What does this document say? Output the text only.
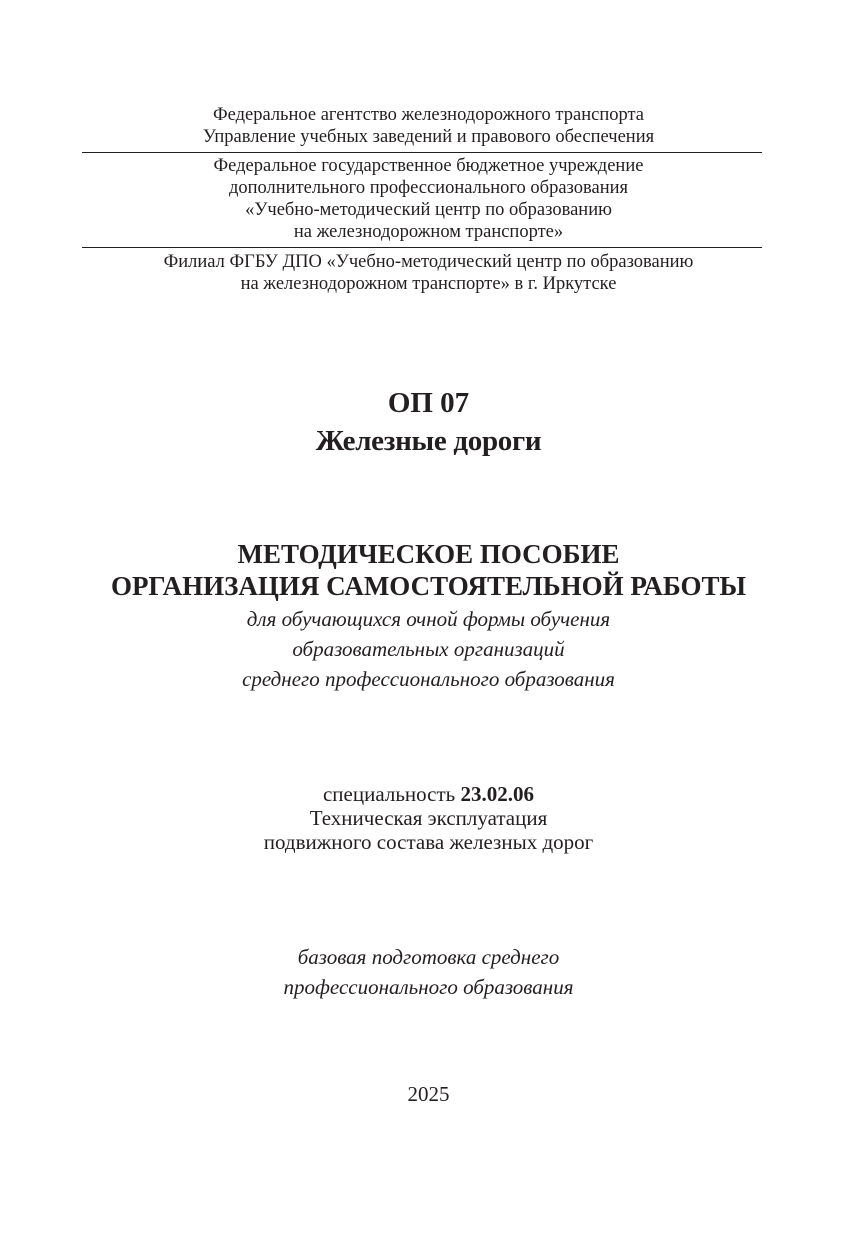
Федеральное агентство железнодорожного транспорта
Управление учебных заведений и правового обеспечения
Федеральное государственное бюджетное учреждение
дополнительного профессионального образования
«Учебно-методический центр по образованию
на железнодорожном транспорте»
Филиал ФГБУ ДПО «Учебно-методический центр по образованию
на железнодорожном транспорте» в г. Иркутске
ОП 07
Железные дороги
МЕТОДИЧЕСКОЕ ПОСОБИЕ
ОРГАНИЗАЦИЯ САМОСТОЯТЕЛЬНОЙ РАБОТЫ
для обучающихся очной формы обучения
образовательных организаций
среднего профессионального образования
специальность 23.02.06
Техническая эксплуатация
подвижного состава железных дорог
базовая подготовка среднего
профессионального образования
2025
